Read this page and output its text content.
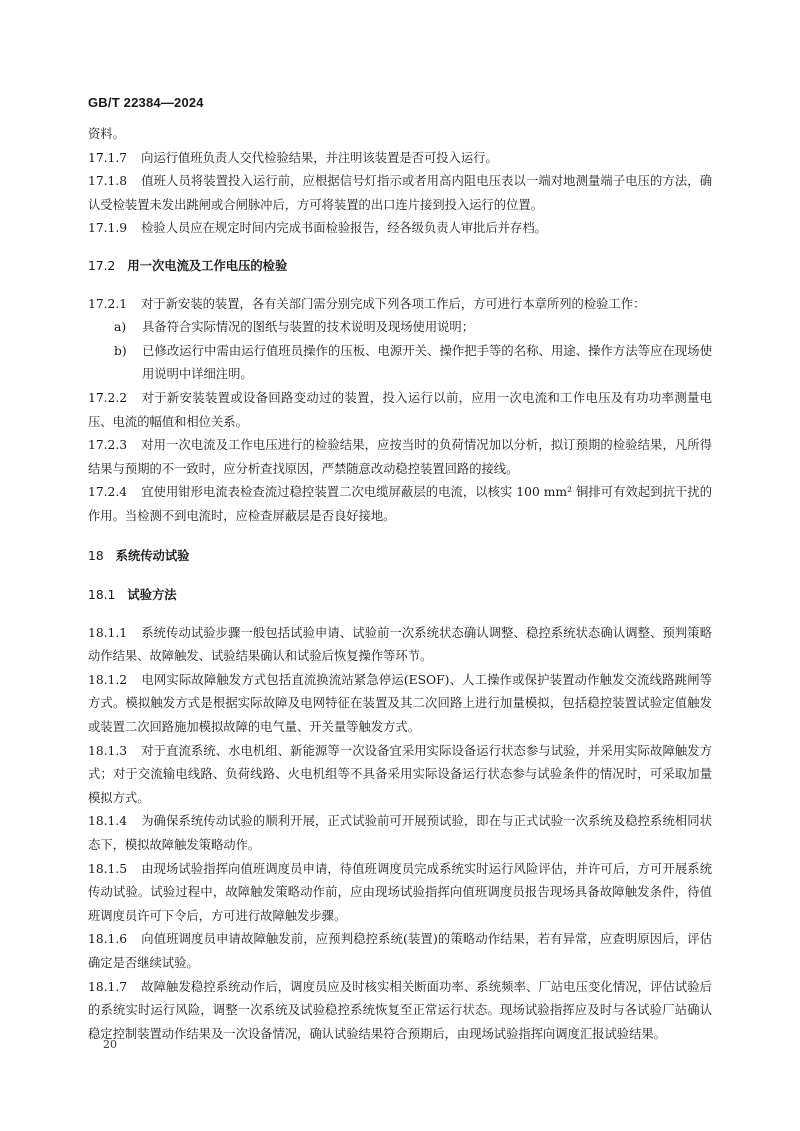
GB/T 22384—2024

资料。

17.1.7 向运行值班负责人交代检验结果，并注明该装置是否可投入运行。

17.1.8 值班人员将装置投入运行前，应根据信号灯指示或者用高内阻电压表以一端对地测量端子电压的方法，确认受检装置未发出跳闸或合闸脉冲后，方可将装置的出口连片接到投入运行的位置。

17.1.9 检验人员应在规定时间内完成书面检验报告，经各级负责人审批后并存档。

17.2 用一次电流及工作电压的检验

17.2.1 对于新安装的装置，各有关部门需分别完成下列各项工作后，方可进行本章所列的检验工作：

a) 具备符合实际情况的图纸与装置的技术说明及现场使用说明；

b) 已修改运行中需由运行值班员操作的压板、电源开关、操作把手等的名称、用途、操作方法等应在现场使用说明中详细注明。

17.2.2 对于新安装装置或设备回路变动过的装置，投入运行以前，应用一次电流和工作电压及有功功率测量电压、电流的幅值和相位关系。

17.2.3 对用一次电流及工作电压进行的检验结果，应按当时的负荷情况加以分析，拟订预期的检验结果，凡所得结果与预期的不一致时，应分析查找原因，严禁随意改动稳控装置回路的接线。

17.2.4 宜使用钳形电流表检查流过稳控装置二次电缆屏蔽层的电流，以核实 100 mm² 铜排可有效起到抗干扰的作用。当检测不到电流时，应检查屏蔽层是否良好接地。

18 系统传动试验

18.1 试验方法

18.1.1 系统传动试验步骤一般包括试验申请、试验前一次系统状态确认调整、稳控系统状态确认调整、预判策略动作结果、故障触发、试验结果确认和试验后恢复操作等环节。

18.1.2 电网实际故障触发方式包括直流换流站紧急停运(ESOF)、人工操作或保护装置动作触发交流线路跳闸等方式。模拟触发方式是根据实际故障及电网特征在装置及其二次回路上进行加量模拟，包括稳控装置试验定值触发或装置二次回路施加模拟故障的电气量、开关量等触发方式。

18.1.3 对于直流系统、水电机组、新能源等一次设备宜采用实际设备运行状态参与试验，并采用实际故障触发方式；对于交流输电线路、负荷线路、火电机组等不具备采用实际设备运行状态参与试验条件的情况时，可采取加量模拟方式。

18.1.4 为确保系统传动试验的顺利开展，正式试验前可开展预试验，即在与正式试验一次系统及稳控系统相同状态下，模拟故障触发策略动作。

18.1.5 由现场试验指挥向值班调度员申请，待值班调度员完成系统实时运行风险评估，并许可后，方可开展系统传动试验。试验过程中，故障触发策略动作前，应由现场试验指挥向值班调度员报告现场具备故障触发条件，待值班调度员许可下令后，方可进行故障触发步骤。

18.1.6 向值班调度员申请故障触发前，应预判稳控系统(装置)的策略动作结果，若有异常，应查明原因后，评估确定是否继续试验。

18.1.7 故障触发稳控系统动作后，调度员应及时核实相关断面功率、系统频率、厂站电压变化情况，评估试验后的系统实时运行风险，调整一次系统及试验稳控系统恢复至正常运行状态。现场试验指挥应及时与各试验厂站确认稳定控制装置动作结果及一次设备情况，确认试验结果符合预期后，由现场试验指挥向调度汇报试验结果。

20
